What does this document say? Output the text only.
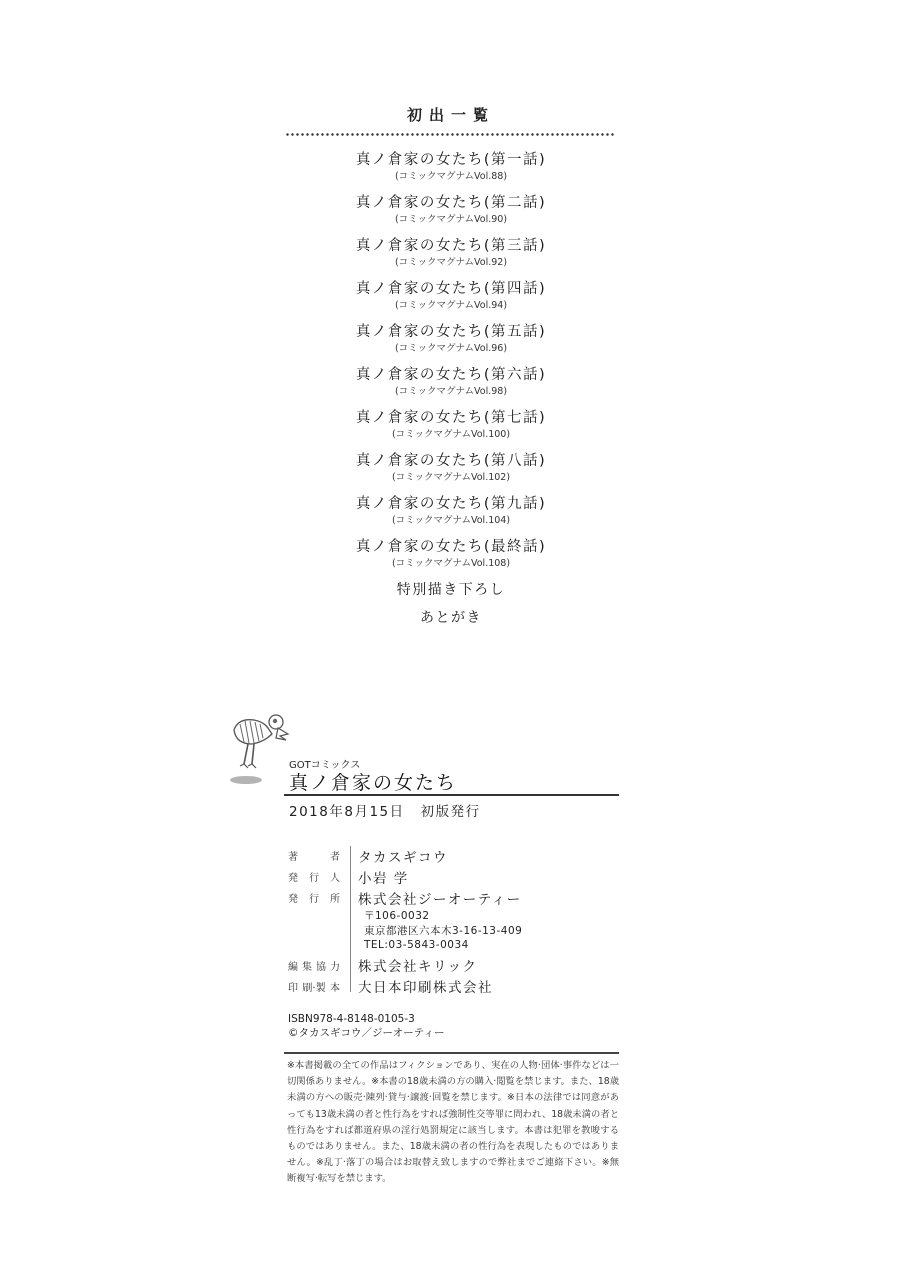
初出一覧
真ノ倉家の女たち(第一話)
(コミックマグナムVol.88)
真ノ倉家の女たち(第二話)
(コミックマグナムVol.90)
真ノ倉家の女たち(第三話)
(コミックマグナムVol.92)
真ノ倉家の女たち(第四話)
(コミックマグナムVol.94)
真ノ倉家の女たち(第五話)
(コミックマグナムVol.96)
真ノ倉家の女たち(第六話)
(コミックマグナムVol.98)
真ノ倉家の女たち(第七話)
(コミックマグナムVol.100)
真ノ倉家の女たち(第八話)
(コミックマグナムVol.102)
真ノ倉家の女たち(第九話)
(コミックマグナムVol.104)
真ノ倉家の女たち(最終話)
(コミックマグナムVol.108)
特別描き下ろし
あとがき
GOTコミックス
真ノ倉家の女たち
2018年8月15日 初版発行
著	者	タカスギコウ
発 行 人	小岩 学
発 行 所	株式会社ジーオーティー
〒106-0032
東京都港区六本木3-16-13-409
TEL:03-5843-0034
編 集 協 力	株式会社キリック
印 刷·製 本	大日本印刷株式会社
ISBN978-4-8148-0105-3
©タカスギコウ／ジーオーティー
※本書掲載の全ての作品はフィクションであり、実在の人物·団体·事件などは一切関係ありません。※本書の18歳未満の方の購入·閲覧を禁じます。また、18歳未満の方への販売·陳列·貸与·譲渡·回覧を禁じます。※日本の法律では同意があっても13歳未満の者と性行為をすれば強制性交等罪に問われ、18歳未満の者と性行為をすれば都道府県の淫行処罰規定に該当します。本書は犯罪を教唆するものではありません。また、18歳未満の者の性行為を表現したものではありません。※乱丁·落丁の場合はお取替え致しますので弊社までご連絡下さい。※無断複写·転写を禁じます。
